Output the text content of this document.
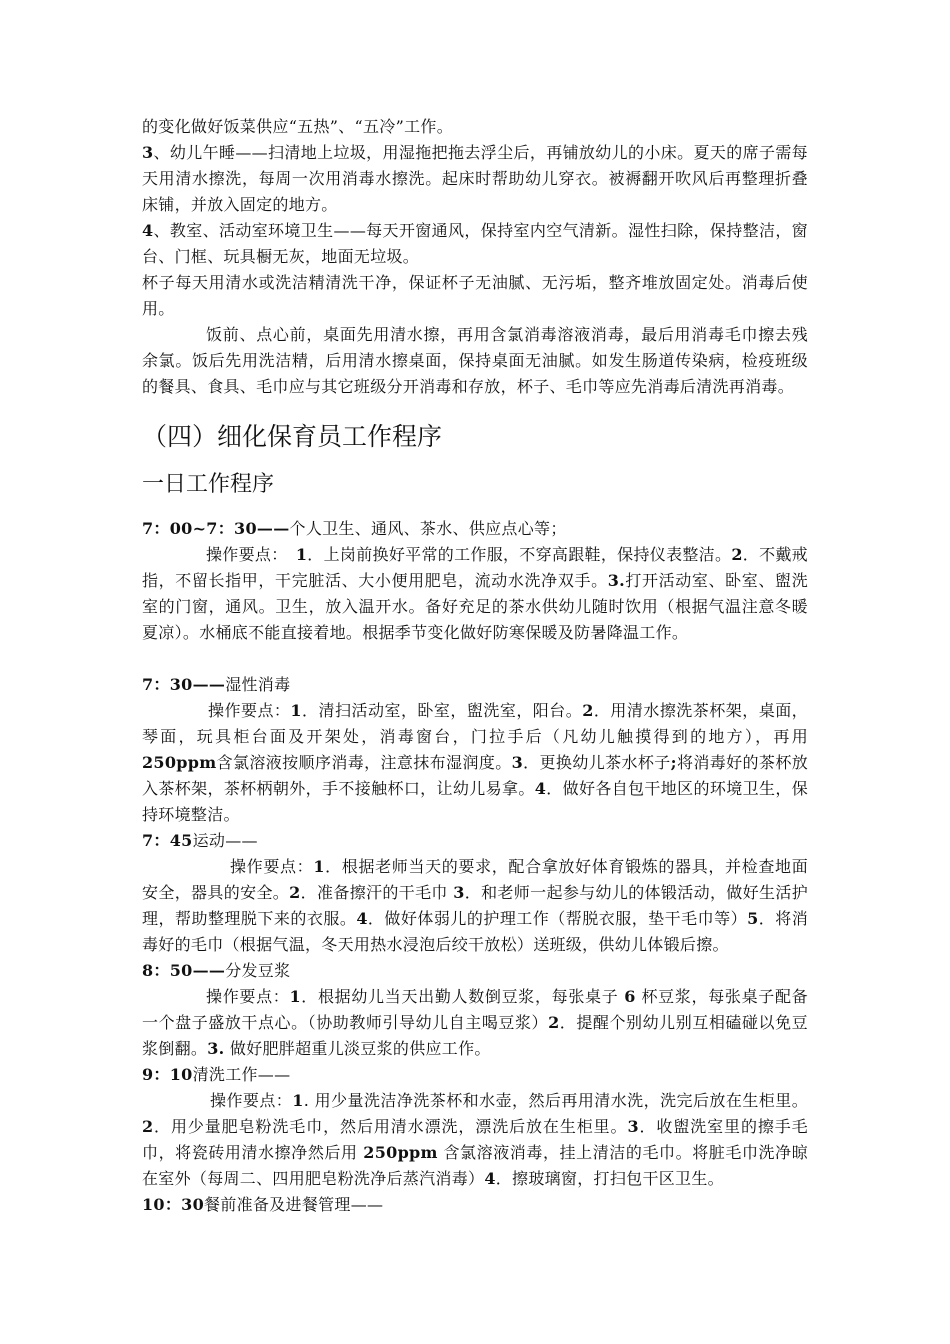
的变化做好饭菜供应“五热”、“五冷”工作。

3、幼儿午睡——扫清地上垃圾，用湿拖把拖去浮尘后，再铺放幼儿的小床。夏天的席子需每天用清水擦洗，每周一次用消毒水擦洗。起床时帮助幼儿穿衣。被褥翻开吹风后再整理折叠床铺，并放入固定的地方。

4、教室、活动室环境卫生——每天开窗通风，保持室内空气清新。湿性扫除，保持整洁，窗台、门框、玩具橱无灰，地面无垃圾。

杯子每天用清水或洗洁精清洗干净，保证杯子无油腻、无污垢，整齐堆放固定处。消毒后使用。

饭前、点心前，桌面先用清水擦，再用含氯消毒溶液消毒，最后用消毒毛巾擦去残余氯。饭后先用洗洁精，后用清水擦桌面，保持桌面无油腻。如发生肠道传染病，检疫班级的餐具、食具、毛巾应与其它班级分开消毒和存放，杯子、毛巾等应先消毒后清洗再消毒。

（四）细化保育员工作程序
一日工作程序

7：00~7：30——个人卫生、通风、茶水、供应点心等；

操作要点：　 1．上岗前换好平常的工作服，不穿高跟鞋，保持仪表整洁。2．不戴戒指，不留长指甲，干完脏活、大小便用肥皂，流动水洗净双手。3.打开活动室、卧室、盥洗室的门窗，通风。卫生，放入温开水。备好充足的茶水供幼儿随时饮用（根据气温注意冬暖夏凉）。水桶底不能直接着地。根据季节变化做好防寒保暖及防暑降温工作。

7：30——湿性消毒

操作要点：1．清扫活动室，卧室，盥洗室，阳台。2．用清水擦洗茶杯架，桌面，琴面，玩具柜台面及开架处，消毒窗台，门拉手后（凡幼儿触摸得到的地方），再用250ppm含氯溶液按顺序消毒，注意抹布湿润度。3．更换幼儿茶水杯子;将消毒好的茶杯放入茶杯架，茶杯柄朝外，手不接触杯口，让幼儿易拿。4．做好各自包干地区的环境卫生，保持环境整洁。

7：45运动——

操作要点：1．根据老师当天的要求，配合拿放好体育锻炼的器具，并检查地面安全，器具的安全。2．准备擦汗的干毛巾 3．和老师一起参与幼儿的体锻活动，做好生活护理，帮助整理脱下来的衣服。4．做好体弱儿的护理工作（帮脱衣服，垫干毛巾等）5．将消毒好的毛巾（根据气温，冬天用热水浸泡后绞干放松）送班级，供幼儿体锻后擦。

8：50——分发豆浆

操作要点：1．根据幼儿当天出勤人数倒豆浆，每张桌子 6 杯豆浆，每张桌子配备一个盘子盛放干点心。（协助教师引导幼儿自主喝豆浆）2．提醒个别幼儿别互相磕碰以免豆浆倒翻。3. 做好肥胖超重儿淡豆浆的供应工作。

9：10清洗工作——

操作要点：1. 用少量洗洁净洗茶杯和水壶，然后再用清水洗，洗完后放在生柜里。2．用少量肥皂粉洗毛巾，然后用清水漂洗，漂洗后放在生柜里。3．收盥洗室里的擦手毛巾，将瓷砖用清水擦净然后用 250ppm 含氯溶液消毒，挂上清洁的毛巾。将脏毛巾洗净晾在室外（每周二、四用肥皂粉洗净后蒸汽消毒）4．擦玻璃窗，打扫包干区卫生。

10：30餐前准备及进餐管理——
